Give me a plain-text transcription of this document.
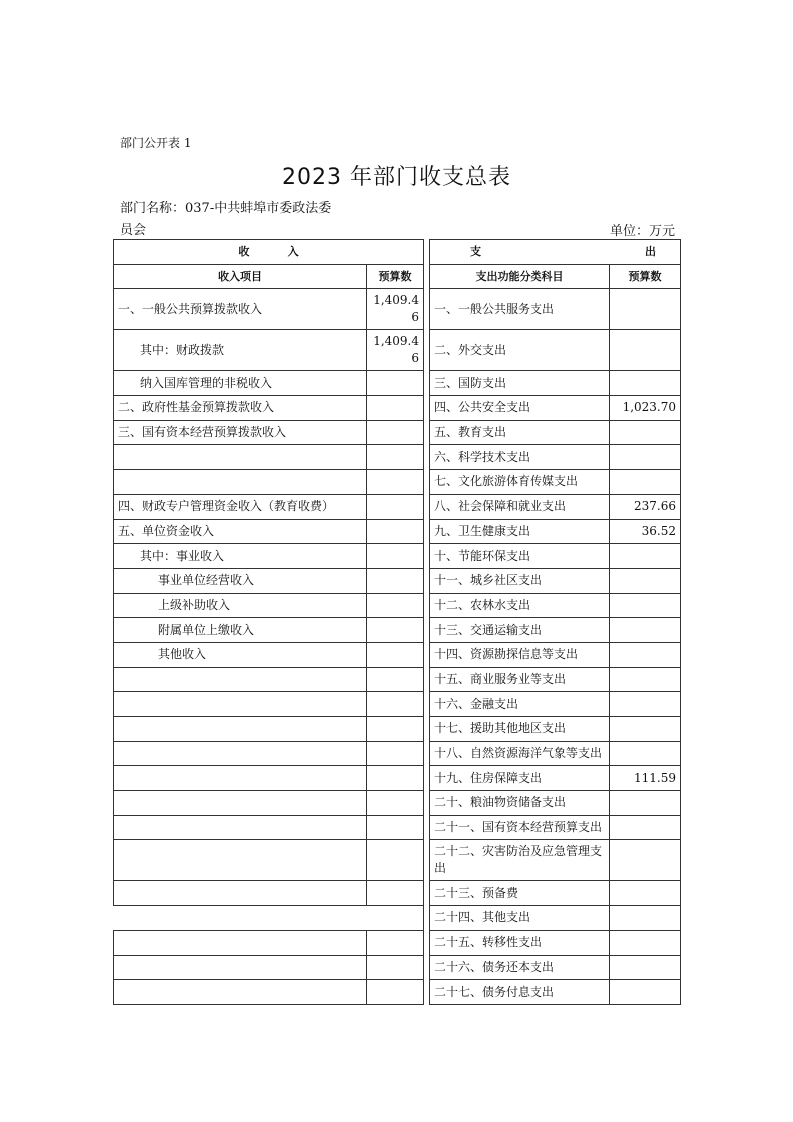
部门公开表 1
2023 年部门收支总表
部门名称：037-中共蚌埠市委政法委
员会	单位：万元
收          入			支 出	
收入项目	预算数		支出功能分类科目	预算数
一、一般公共预算拨款收入	1,409.46		一、一般公共服务支出	
其中：财政拨款	1,409.46		二、外交支出	
纳入国库管理的非税收入			三、国防支出	
二、政府性基金预算拨款收入			四、公共安全支出	1,023.70
三、国有资本经营预算拨款收入			五、教育支出	
			六、科学技术支出	
			七、文化旅游体育传媒支出	
四、财政专户管理资金收入（教育收费）			八、社会保障和就业支出	237.66
五、单位资金收入			九、卫生健康支出	36.52
其中：事业收入			十、节能环保支出	
事业单位经营收入			十一、城乡社区支出	
上级补助收入			十二、农林水支出	
附属单位上缴收入			十三、交通运输支出	
其他收入			十四、资源勘探信息等支出	
			十五、商业服务业等支出	
			十六、金融支出	
			十七、援助其他地区支出	
			十八、自然资源海洋气象等支出	
			十九、住房保障支出	111.59
			二十、粮油物资储备支出	
			二十一、国有资本经营预算支出	
			二十二、灾害防治及应急管理支出	
			二十三、预备费	
			二十四、其他支出	
			二十五、转移性支出	
			二十六、债务还本支出	
			二十七、债务付息支出	
